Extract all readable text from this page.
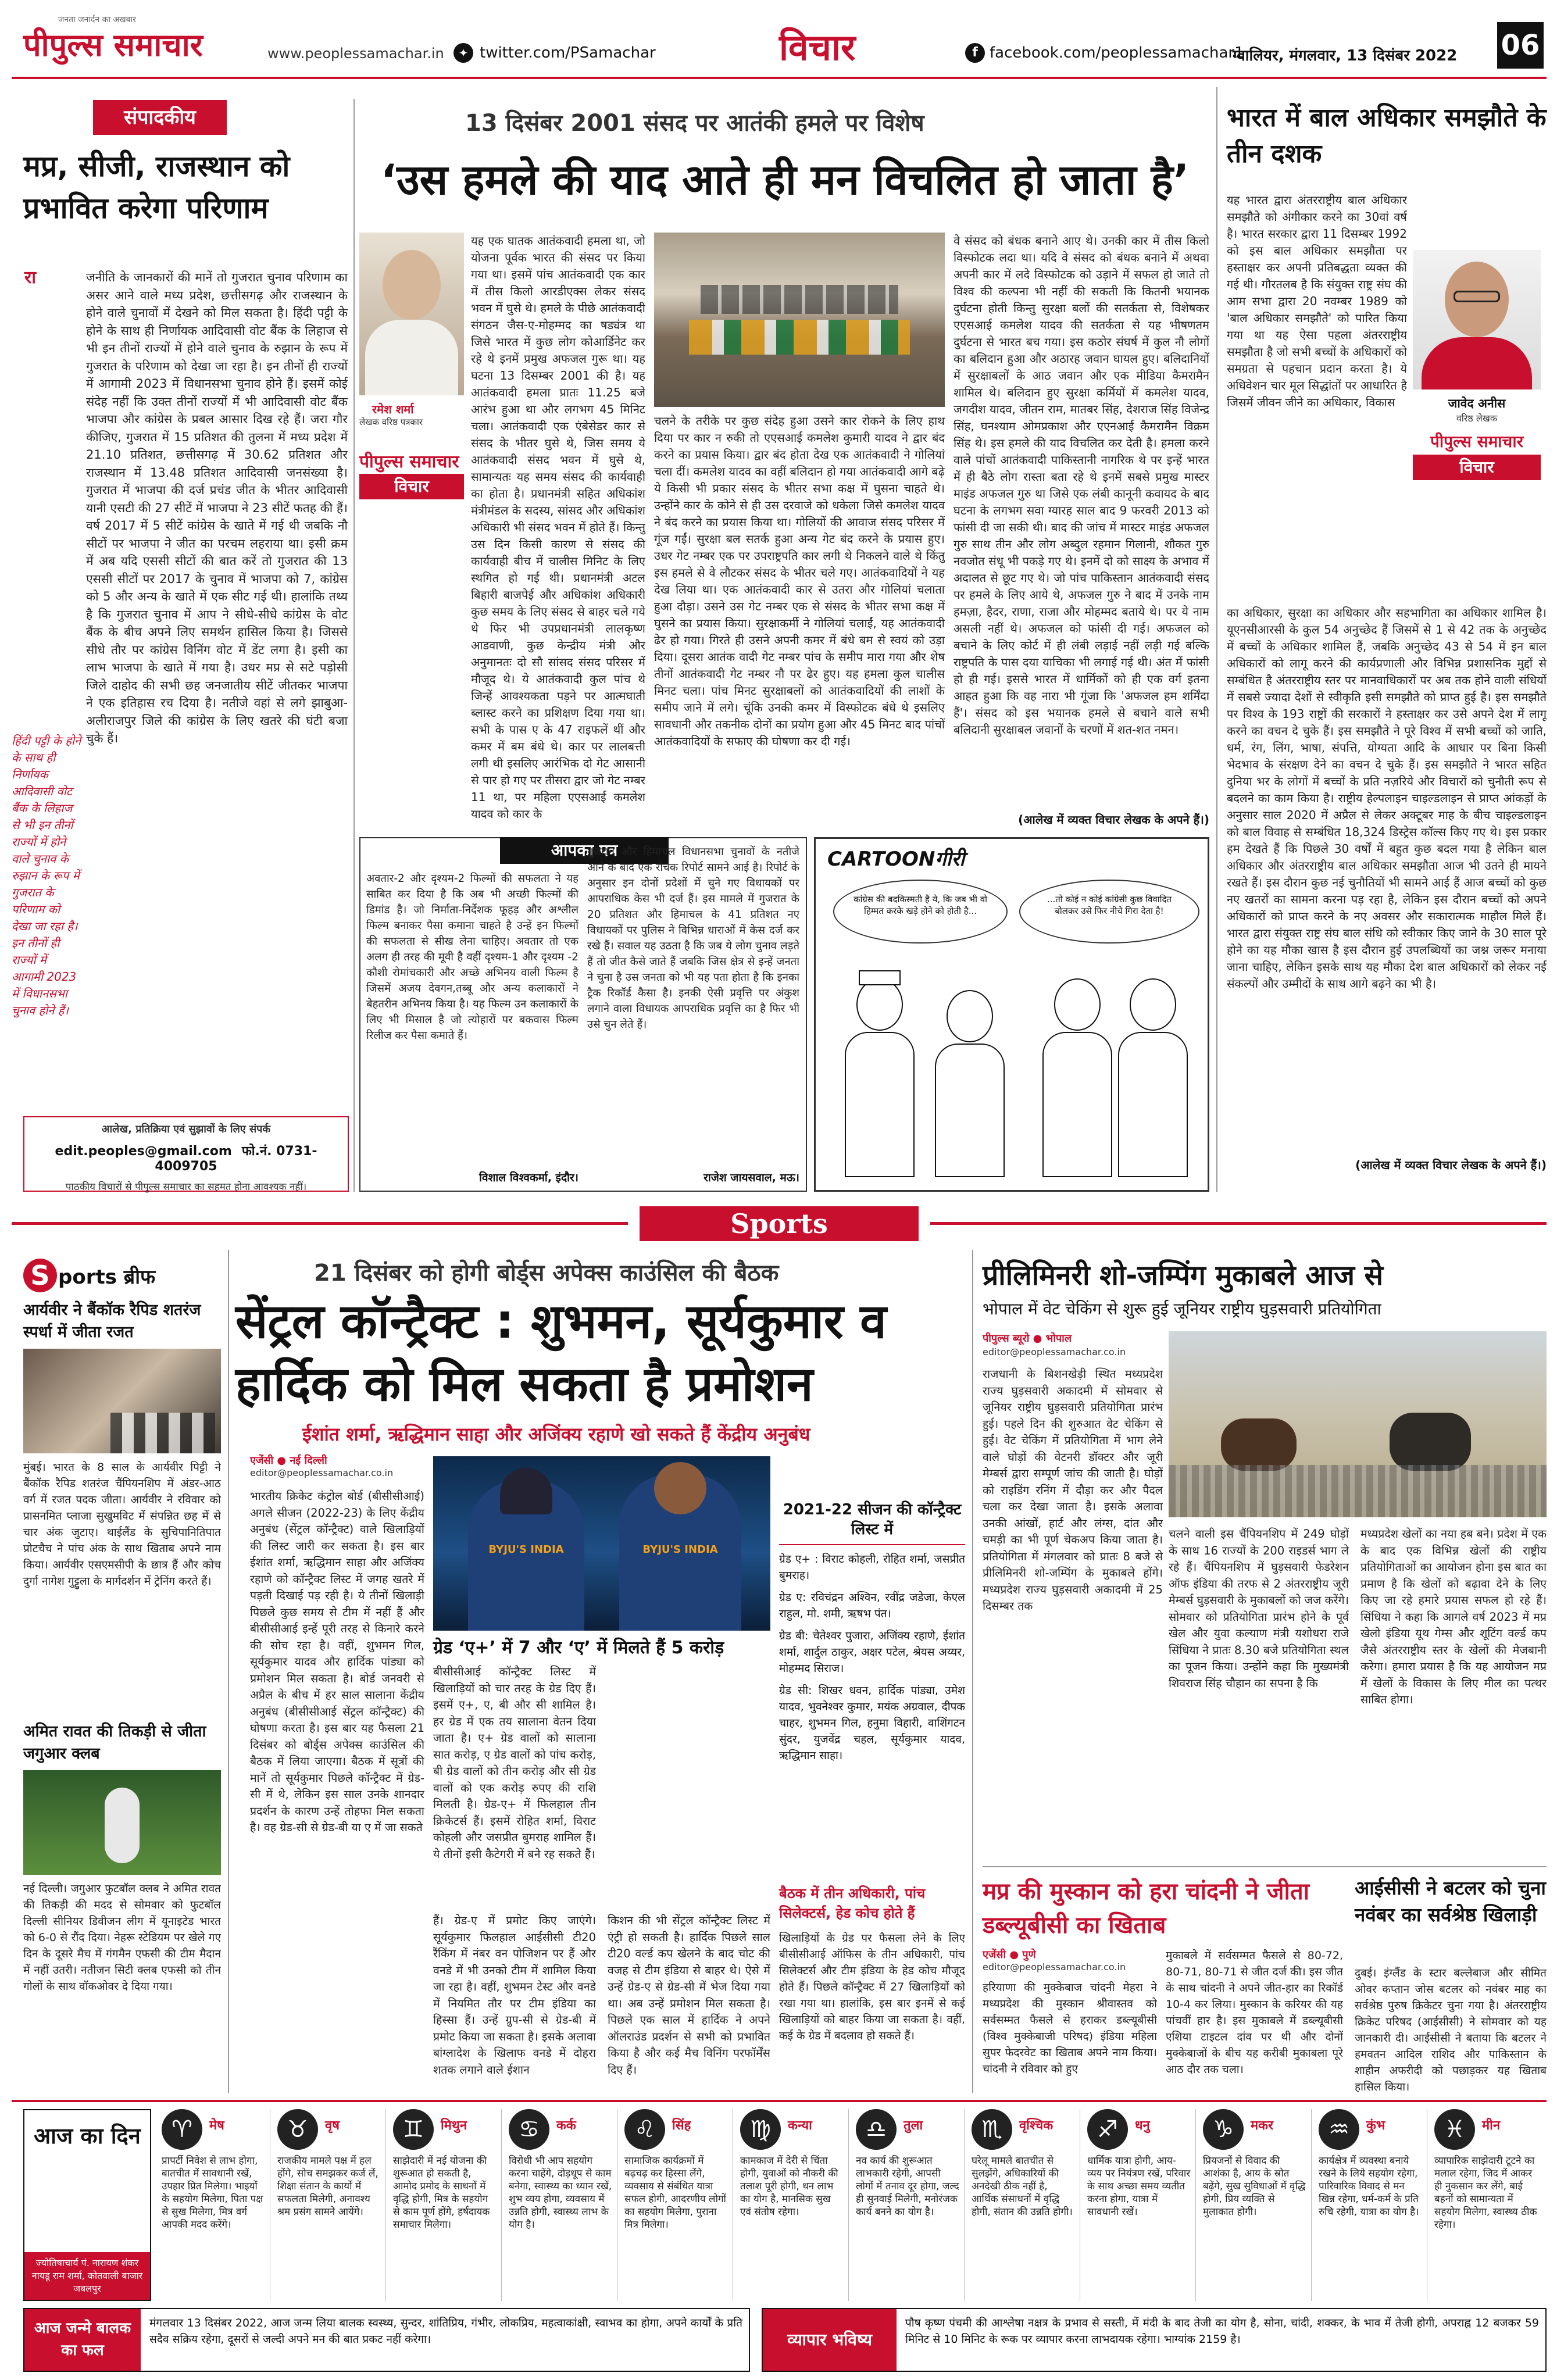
पीपुल्स समाचार
जनता जनार्दन का अखबार
www.peoplessamachar.in	✦ twitter.com/PSamachar	विचार	f facebook.com/peoplessamachar1
ग्वालियर, मंगलवार, 13 दिसंबर 2022 06
संपादकीय
मप्र, सीजी, राजस्थान को प्रभावित करेगा परिणाम
रा	जनीति के जानकारों की मानें तो गुजरात चुनाव परिणाम का असर आने वाले मध्य प्रदेश, छत्तीसगढ़ और राजस्थान के होने वाले चुनावों में देखने को मिल सकता है। हिंदी पट्टी के होने के साथ ही निर्णायक आदिवासी वोट बैंक के लिहाज से भी इन तीनों राज्यों में होने वाले चुनाव के रुझान के रूप में गुजरात के परिणाम को देखा जा रहा है। इन तीनों ही राज्यों में आगामी 2023 में विधानसभा चुनाव होने हैं। इसमें कोई संदेह नहीं कि उक्त तीनों राज्यों में भी आदिवासी वोट बैंक भाजपा और कांग्रेस के प्रबल आसार दिख रहे हैं। जरा गौर कीजिए, गुजरात में 15 प्रतिशत की तुलना में मध्य प्रदेश में 21.10 प्रतिशत, छत्तीसगढ़ में 30.62 प्रतिशत और राजस्थान में 13.48 प्रतिशत आदिवासी जनसंख्या है। गुजरात में भाजपा की दर्ज प्रचंड जीत के भीतर आदिवासी यानी एसटी की 27 सीटें में भाजपा ने 23 सीटें फतह की हैं। वर्ष 2017 में 5 सीटें कांग्रेस के खाते में गई थी जबकि नौ सीटों पर भाजपा ने जीत का परचम लहराया था। इसी क्रम में अब यदि एससी सीटों की बात करें तो गुजरात की 13 एससी सीटों पर 2017 के चुनाव में भाजपा को 7, कांग्रेस को 5 और अन्य के खाते में एक सीट गई थी। हालांकि तथ्य है कि गुजरात चुनाव में आप ने सीधे-सीधे कांग्रेस के वोट बैंक के बीच अपने लिए समर्थन हासिल किया है। जिससे सीधे तौर पर कांग्रेस विनिंग वोट में डेंट लगा है। इसी का लाभ भाजपा के खाते में गया है। उधर मप्र से सटे पड़ोसी जिले दाहोद की सभी छह जनजातीय सीटें जीतकर भाजपा ने एक इतिहास रच दिया है। नतीजे वहां से लगे झाबुआ-अलीराजपुर जिले की कांग्रेस के लिए खतरे की घंटी बजा चुके हैं।
हिंदी पट्टी के होने के साथ ही निर्णायक आदिवासी वोट बैंक के लिहाज से भी इन तीनों राज्यों में होने वाले चुनाव के रुझान के रूप में गुजरात के परिणाम को देखा जा रहा है। इन तीनों ही राज्यों में आगामी 2023 में विधानसभा चुनाव होने हैं।
आलेख, प्रतिक्रिया एवं सुझावों के लिए संपर्क
edit.peoples@gmail.com फो.नं. 0731-4009705
पाठकीय विचारों से पीपुल्स समाचार का सहमत होना आवश्यक नहीं।
13 दिसंबर 2001 संसद पर आतंकी हमले पर विशेष
‘उस हमले की याद आते ही मन विचलित हो जाता है’
रमेश शर्मा
लेखक वरिष्ठ पत्रकार
पीपुल्स समाचार
विचार
यह एक घातक आतंकवादी हमला था, जो योजना पूर्वक भारत की संसद पर किया गया था। इसमें पांच आतंकवादी एक कार में तीस किलो आरडीएक्स लेकर संसद भवन में घुसे थे। हमले के पीछे आतंकवादी संगठन जैस-ए-मोहम्मद का षड्यंत्र था जिसे भारत में कुछ लोग कोआर्डिनेट कर रहे थे इनमें प्रमुख अफजल गुरू था। यह घटना 13 दिसम्बर 2001 की है। यह आतंकवादी हमला प्रातः 11.25 बजे आरंभ हुआ था और लगभग 45 मिनिट चला। आतंकवादी एक एंबेसेडर कार से संसद के भीतर घुसे थे, जिस समय ये आतंकवादी संसद भवन में घुसे थे, सामान्यतः यह समय संसद की कार्यवाही का होता है। प्रधानमंत्री सहित अधिकांश मंत्रीमंडल के सदस्य, सांसद और अधिकांश अधिकारी भी संसद भवन में होते हैं। किन्तु उस दिन किसी कारण से संसद की कार्यवाही बीच में चालीस मिनिट के लिए स्थगित हो गई थी। प्रधानमंत्री अटल बिहारी बाजपेई और अधिकांश अधिकारी कुछ समय के लिए संसद से बाहर चले गये थे फिर भी उपप्रधानमंत्री लालकृष्ण आडवाणी, कुछ केन्द्रीय मंत्री और अनुमानतः दो सौ सांसद संसद परिसर में मौजूद थे। ये आतंकवादी कुल पांच थे जिन्हें आवश्यकता पड़ने पर आत्मघाती ब्लास्ट करने का प्रशिक्षण दिया गया था। सभी के पास ए के 47 राइफलें थीं और कमर में बम बंधे थे। कार पर लालबत्ती लगी थी इसलिए आरंभिक दो गेट आसानी से पार हो गए पर तीसरा द्वार जो गेट नम्बर 11 था, पर महिला एएसआई कमलेश यादव को कार के
चलने के तरीके पर कुछ संदेह हुआ उसने कार रोकने के लिए हाथ दिया पर कार न रुकी तो एएसआई कमलेश कुमारी यादव ने द्वार बंद करने का प्रयास किया। द्वार बंद होता देख एक आतंकवादी ने गोलियां चला दीं। कमलेश यादव का वहीं बलिदान हो गया आतंकवादी आगे बढ़े ये किसी भी प्रकार संसद के भीतर सभा कक्ष में घुसना चाहते थे। उन्होंने कार के कोने से ही उस दरवाजे को धकेला जिसे कमलेश यादव ने बंद करने का प्रयास किया था। गोलियों की आवाज संसद परिसर में गूंज गईं। सुरक्षा बल सतर्क हुआ अन्य गेट बंद करने के प्रयास हुए। उधर गेट नम्बर एक पर उपराष्ट्रपति कार लगी थे निकलने वाले थे किंतु इस हमले से वे लौटकर संसद के भीतर चले गए। आतंकवादियों ने यह देख लिया था। एक आतंकवादी कार से उतरा और गोलियां चलाता हुआ दौड़ा। उसने उस गेट नम्बर एक से संसद के भीतर सभा कक्ष में घुसने का प्रयास किया। सुरक्षाकर्मी ने गोलियां चलाईं, यह आतंकवादी ढेर हो गया। गिरते ही उसने अपनी कमर में बंधे बम से स्वयं को उड़ा दिया। दूसरा आतंक वादी गेट नम्बर पांच के समीप मारा गया और शेष तीनों आतंकवादी गेट नम्बर नौ पर ढेर हुए। यह हमला कुल चालीस मिनट चला। पांच मिनट सुरक्षाबलों को आतंकवादियों की लाशों के समीप जाने में लगे। चूंकि उनकी कमर में विस्फोटक बंधे थे इसलिए सावधानी और तकनीक दोनों का प्रयोग हुआ और 45 मिनट बाद पांचों आतंकवादियों के सफाए की घोषणा कर दी गई।
वे संसद को बंधक बनाने आए थे। उनकी कार में तीस किलो विस्फोटक लदा था। यदि वे संसद को बंधक बनाने में अथवा अपनी कार में लदे विस्फोटक को उड़ाने में सफल हो जाते तो विश्व की कल्पना भी नहीं की सकती कि कितनी भयानक दुर्घटना होती किन्तु सुरक्षा बलों की सतर्कता से, विशेषकर एएसआई कमलेश यादव की सतर्कता से यह भीषणतम दुर्घटना से भारत बच गया। इस कठोर संघर्ष में कुल नौ लोगों का बलिदान हुआ और अठारह जवान घायल हुए। बलिदानियों में सुरक्षाबलों के आठ जवान और एक मीडिया कैमरामैन शामिल थे। बलिदान हुए सुरक्षा कर्मियों में कमलेश यादव, जगदीश यादव, जीतन राम, मातबर सिंह, देशराज सिंह विजेन्द्र सिंह, घनश्याम ओमप्रकाश और एएनआई कैमरामैन विक्रम सिंह थे। इस हमले की याद विचलित कर देती है। हमला करने वाले पांचों आतंकवादी पाकिस्तानी नागरिक थे पर इन्हें भारत में ही बैठे लोग रास्ता बता रहे थे इनमें सबसे प्रमुख मास्टर माइंड अफजल गुरु था जिसे एक लंबी कानूनी कवायद के बाद घटना के लगभग सवा ग्यारह साल बाद 9 फरवरी 2013 को फांसी दी जा सकी थी। बाद की जांच में मास्टर माइंड अफजल गुरु साथ तीन और लोग अब्दुल रहमान गिलानी, शौकत गुरु नवजोत संधू भी पकड़े गए थे। इनमें दो को साक्ष्य के अभाव में अदालत से छूट गए थे। जो पांच पाकिस्तान आतंकवादी संसद पर हमले के लिए आये थे, अफजल गुरु ने बाद में उनके नाम हमज़ा, हैदर, राणा, राजा और मोहम्मद बताये थे। पर ये नाम असली नहीं थे। अफजल को फांसी दी गई। अफजल को बचाने के लिए कोर्ट में ही लंबी लड़ाई नहीं लड़ी गई बल्कि राष्ट्रपति के पास दया याचिका भी लगाई गई थी। अंत में फांसी हो ही गई। इससे भारत में धार्मिकों को ही एक वर्ग इतना आहत हुआ कि वह नारा भी गूंजा कि 'अफजल हम शर्मिंदा हैं'। संसद को इस भयानक हमले से बचाने वाले सभी बलिदानी सुरक्षाबल जवानों के चरणों में शत-शत नमन।
(आलेख में व्यक्त विचार लेखक के अपने हैं।)
आपका पत्र
अवतार-2 और दृश्यम-2 फिल्मों की सफलता ने यह साबित कर दिया है कि अब भी अच्छी फिल्मों की डिमांड है। जो निर्माता-निर्देशक फूहड़ और अश्लील फिल्म बनाकर पैसा कमाना चाहते है उन्हें इन फिल्मों की सफलता से सीख लेना चाहिए। अवतार तो एक अलग ही तरह की मूवी है वहीं दृश्यम-1 और दृश्यम -2 कौशी रोमांचकारी और अच्छे अभिनय वाली फिल्म है जिसमें अजय देवगन,तब्बू और अन्य कलाकारों ने बेहतरीन अभिनय किया है। यह फिल्म उन कलाकारों के लिए भी मिसाल है जो त्योहारों पर बकवास फिल्म रिलीज कर पैसा कमाते हैं।
विशाल विश्वकर्मा, इंदौर।
गुजरात और हिमाचल विधानसभा चुनावों के नतीजे आने के बाद एक रोचक रिपोर्ट सामने आई है। रिपोर्ट के अनुसार इन दोनों प्रदेशों में चुने गए विधायकों पर आपराधिक केस भी दर्ज हैं। इस मामले में गुजरात के 20 प्रतिशत और हिमाचल के 41 प्रतिशत नए विधायकों पर पुलिस ने विभिन्न धाराओं में केस दर्ज कर रखे हैं। सवाल यह उठता है कि जब ये लोग चुनाव लड़ते हैं तो जीत कैसे जाते हैं जबकि जिस क्षेत्र से इन्हें जनता ने चुना है उस जनता को भी यह पता होता है कि इनका ट्रैक रिकॉर्ड कैसा है। इनकी ऐसी प्रवृत्ति पर अंकुश लगाने वाला विधायक आपराधिक प्रवृत्ति का है फिर भी उसे चुन लेते हैं।
राजेश जायसवाल, मऊ।
CARTOONगीरी
कांग्रेस की बदकिस्मती है ये, कि जब भी वो हिम्मत करके खड़े होने को होती है...
...तो कोई न कोई कांग्रेसी कुछ विवादित बोलकर उसे फिर नीचे गिरा देता है!
भारत में बाल अधिकार समझौते के तीन दशक
यह भारत द्वारा अंतरराष्ट्रीय बाल अधिकार समझौते को अंगीकार करने का 30वां वर्ष है। भारत सरकार द्वारा 11 दिसम्बर 1992 को इस बाल अधिकार समझौता पर हस्ताक्षर कर अपनी प्रतिबद्धता व्यक्त की गई थी। गौरतलब है कि संयुक्त राष्ट्र संघ की आम सभा द्वारा 20 नवम्बर 1989 को 'बाल अधिकार समझौते' को पारित किया गया था यह ऐसा पहला अंतरराष्ट्रीय समझौता है जो सभी बच्चों के अधिकारों को समग्रता से पहचान प्रदान करता है। ये अधिवेशन चार मूल सिद्धांतों पर आधारित है जिसमें जीवन जीने का अधिकार, विकास	जावेद अनीस
वरिष्ठ लेखक
पीपुल्स समाचार
विचार
का अधिकार, सुरक्षा का अधिकार और सहभागिता का अधिकार शामिल है। यूएनसीआरसी के कुल 54 अनुच्छेद हैं जिसमें से 1 से 42 तक के अनुच्छेद में बच्चों के अधिकार शामिल हैं, जबकि अनुच्छेद 43 से 54 में इन बाल अधिकारों को लागू करने की कार्यप्रणाली और विभिन्न प्रशासनिक मुद्दों से सम्बंधित है अंतरराष्ट्रीय स्तर पर मानवाधिकारों पर अब तक होने वाली संधियों में सबसे ज्यादा देशों से स्वीकृति इसी समझौते को प्राप्त हुई है। इस समझौते पर विश्व के 193 राष्ट्रों की सरकारों ने हस्ताक्षर कर उसे अपने देश में लागू करने का वचन दे चुके हैं। इस समझौते ने पूरे विश्व में सभी बच्चों को जाति, धर्म, रंग, लिंग, भाषा, संपत्ति, योग्यता आदि के आधार पर बिना किसी भेदभाव के संरक्षण देने का वचन दे चुके हैं। इस समझौते ने भारत सहित दुनिया भर के लोगों में बच्चों के प्रति नज़रिये और विचारों को चुनौती रूप से बदलने का काम किया है। राष्ट्रीय हेल्पलाइन चाइल्डलाइन से प्राप्त आंकड़ों के अनुसार साल 2020 में अप्रैल से लेकर अक्टूबर माह के बीच चाइल्डलाइन को बाल विवाह से सम्बंधित 18,324 डिस्ट्रेस कॉल्स किए गए थे। इस प्रकार हम देखते हैं कि पिछले 30 वर्षों में बहुत कुछ बदल गया है लेकिन बाल अधिकार और अंतरराष्ट्रीय बाल अधिकार समझौता आज भी उतने ही मायने रखते हैं। इस दौरान कुछ नई चुनौतियों भी सामने आई हैं आज बच्चों को कुछ नए खतरों का सामना करना पड़ रहा है, लेकिन इस दौरान बच्चों को अपने अधिकारों को प्राप्त करने के नए अवसर और सकारात्मक माहौल मिले हैं। भारत द्वारा संयुक्त राष्ट्र संघ बाल संधि को स्वीकार किए जाने के 30 साल पूरे होने का यह मौका खास है इस दौरान हुई उपलब्धियों का जश्न जरूर मनाया जाना चाहिए, लेकिन इसके साथ यह मौका देश बाल अधिकारों को लेकर नई संकल्पों और उम्मीदों के साथ आगे बढ़ने का भी है।
(आलेख में व्यक्त विचार लेखक के अपने हैं।)
Sports
S ports ब्रीफ
आर्यवीर ने बैंकॉक रैपिड शतरंज स्पर्धा में जीता रजत
मुंबई। भारत के 8 साल के आर्यवीर पिट्टी ने बैंकॉक रैपिड शतरंज चैंपियनशिप में अंडर-आठ वर्ग में रजत पदक जीता। आर्यवीर ने रविवार को प्रासनमित प्लाजा सुखुमविट में संपन्नित छह में से चार अंक जुटाए। थाईलैंड के सुचिपानितिपात प्रोटचैच ने पांच अंक के साथ खिताब अपने नाम किया। आर्यवीर एसएमसीपी के छात्र हैं और कोच दुर्गा नागेश गुट्टुला के मार्गदर्शन में ट्रेनिंग करते हैं।
अमित रावत की तिकड़ी से जीता जगुआर क्लब
नई दिल्ली। जगुआर फुटबॉल क्लब ने अमित रावत की तिकड़ी की मदद से सोमवार को फुटबॉल दिल्ली सीनियर डिवीजन लीग में यूनाइटेड भारत को 6-0 से रौंद दिया। नेहरू स्टेडियम पर खेले गए दिन के दूसरे मैच में गंगमैन एफसी की टीम मैदान में नहीं उतरी। नतीजन सिटी क्लब एफसी को तीन गोलों के साथ वॉकओवर दे दिया गया।
21 दिसंबर को होगी बोर्ड्स अपेक्स काउंसिल की बैठक
सेंट्रल कॉन्ट्रैक्ट : शुभमन, सूर्यकुमार व हार्दिक को मिल सकता है प्रमोशन
ईशांत शर्मा, ऋद्धिमान साहा और अजिंक्य रहाणे खो सकते हैं केंद्रीय अनुबंध
एजेंसी ● नई दिल्ली
editor@peoplessamachar.co.in
भारतीय क्रिकेट कंट्रोल बोर्ड (बीसीसीआई) अगले सीजन (2022-23) के लिए केंद्रीय अनुबंध (सेंट्रल कॉन्ट्रैक्ट) वाले खिलाड़ियों की लिस्ट जारी कर सकता है। इस बार ईशांत शर्मा, ऋद्धिमान साहा और अजिंक्य रहाणे को कॉन्ट्रैक्ट लिस्ट में जगह खतरे में पड़ती दिखाई पड़ रही है। ये तीनों खिलाड़ी पिछले कुछ समय से टीम में नहीं हैं और बीसीसीआई इन्हें पूरी तरह से किनारे करने की सोच रहा है। वहीं, शुभमन गिल, सूर्यकुमार यादव और हार्दिक पांड्या को प्रमोशन मिल सकता है। बोर्ड जनवरी से अप्रैल के बीच में हर साल सालाना केंद्रीय अनुबंध (बीसीसीआई सेंट्रल कॉन्ट्रैक्ट) की घोषणा करता है। इस बार यह फैसला 21 दिसंबर को बोर्ड्स अपेक्स काउंसिल की बैठक में लिया जाएगा। बैठक में सूत्रों की मानें तो सूर्यकुमार पिछले कॉन्ट्रैक्ट में ग्रेड-सी में थे, लेकिन इस साल उनके शानदार प्रदर्शन के कारण उन्हें तोहफा मिल सकता है। वह ग्रेड-सी से ग्रेड-बी या ए में जा सकते
BYJU'S INDIA	BYJU'S INDIA
ग्रेड ‘ए+’ में 7 और ‘ए’ में मिलते हैं 5 करोड़
बीसीसीआई कॉन्ट्रैक्ट लिस्ट में खिलाड़ियों को चार तरह के ग्रेड दिए हैं। इसमें ए+, ए, बी और सी शामिल है। हर ग्रेड में एक तय सालाना वेतन दिया जाता है। ए+ ग्रेड वालों को सालाना सात करोड़, ए ग्रेड वालों को पांच करोड़, बी ग्रेड वालों को तीन करोड़ और सी ग्रेड वालों को एक करोड़ रुपए की राशि मिलती है। ग्रेड-ए+ में फिलहाल तीन क्रिकेटर्स हैं। इसमें रोहित शर्मा, विराट कोहली और जसप्रीत बुमराह शामिल हैं। ये तीनों इसी कैटेगरी में बने रह सकते हैं।
हैं। ग्रेड-ए में प्रमोट किए जाएंगे। सूर्यकुमार फिलहाल आईसीसी टी20 रैंकिंग में नंबर वन पोजिशन पर हैं और वनडे में भी उनको टीम में शामिल किया जा रहा है। वहीं, शुभमन टेस्ट और वनडे में नियमित तौर पर टीम इंडिया का हिस्सा हैं। उन्हें ग्रुप-सी से ग्रेड-बी में प्रमोट किया जा सकता है। इसके अलावा बांग्लादेश के खिलाफ वनडे में दोहरा शतक लगाने वाले ईशान
किशन की भी सेंट्रल कॉन्ट्रैक्ट लिस्ट में एंट्री हो सकती है। हार्दिक पिछले साल टी20 वर्ल्ड कप खेलने के बाद चोट की वजह से टीम इंडिया से बाहर थे। ऐसे में उन्हें ग्रेड-ए से ग्रेड-सी में भेज दिया गया था। अब उन्हें प्रमोशन मिल सकता है। पिछले एक साल में हार्दिक ने अपने ऑलराउंड प्रदर्शन से सभी को प्रभावित किया है और कई मैच विनिंग परफॉर्मेंस दिए हैं।
2021-22 सीजन की कॉन्ट्रैक्ट लिस्ट में
ग्रेड ए+ : विराट कोहली, रोहित शर्मा, जसप्रीत बुमराह।
ग्रेड ए: रविचंद्रन अश्विन, रवींद्र जडेजा, केएल राहुल, मो. शमी, ऋषभ पंत।
ग्रेड बी: चेतेश्वर पुजारा, अजिंक्य रहाणे, ईशांत शर्मा, शार्दुल ठाकुर, अक्षर पटेल, श्रेयस अय्यर, मोहम्मद सिराज।
ग्रेड सी: शिखर धवन, हार्दिक पांड्या, उमेश यादव, भुवनेश्वर कुमार, मयंक अग्रवाल, दीपक चाहर, शुभमन गिल, हनुमा विहारी, वाशिंगटन सुंदर, युजवेंद्र चहल, सूर्यकुमार यादव, ऋद्धिमान साहा।
बैठक में तीन अधिकारी, पांच सिलेक्टर्स, हेड कोच होते हैं
खिलाड़ियों के ग्रेड पर फैसला लेने के लिए बीसीसीआई ऑफिस के तीन अधिकारी, पांच सिलेक्टर्स और टीम इंडिया के हेड कोच मौजूद होते हैं। पिछले कॉन्ट्रैक्ट में 27 खिलाड़ियों को रखा गया था। हालांकि, इस बार इनमें से कई खिलाड़ियों को बाहर किया जा सकता है। वहीं, कई के ग्रेड में बदलाव हो सकते हैं।
प्रीलिमिनरी शो-जम्पिंग मुकाबले आज से
भोपाल में वेट चेकिंग से शुरू हुई जूनियर राष्ट्रीय घुड़सवारी प्रतियोगिता
पीपुल्स ब्यूरो ● भोपाल
editor@peoplessamachar.co.in
राजधानी के बिशनखेड़ी स्थित मध्यप्रदेश राज्य घुड़सवारी अकादमी में सोमवार से जूनियर राष्ट्रीय घुड़सवारी प्रतियोगिता प्रारंभ हुई। पहले दिन की शुरुआत वेट चेकिंग से हुई। वेट चेकिंग में प्रतियोगिता में भाग लेने वाले घोड़ों की वेटनरी डॉक्टर और जूरी मेम्बर्स द्वारा सम्पूर्ण जांच की जाती है। घोड़ों को राइडिंग रनिंग में दौड़ा कर और पैदल चला कर देखा जाता है। इसके अलावा उनकी आंखों, हार्ट और लंग्स, दांत और चमड़ी का भी पूर्ण चेकअप किया जाता है। प्रतियोगिता में मंगलवार को प्रातः 8 बजे से प्रीलिमिनरी शो-जम्पिंग के मुकाबले होंगे। मध्यप्रदेश राज्य घुड़सवारी अकादमी में 25 दिसम्बर तक
चलने वाली इस चैंपियनशिप में 249 घोड़ों के साथ 16 राज्यों के 200 राइडर्स भाग ले रहे हैं। चैंपियनशिप में घुड़सवारी फेडरेशन ऑफ इंडिया की तरफ से 2 अंतरराष्ट्रीय जूरी मेम्बर्स घुड़सवारी के मुकाबलों को जज करेंगे। सोमवार को प्रतियोगिता प्रारंभ होने के पूर्व खेल और युवा कल्याण मंत्री यशोधरा राजे सिंधिया ने प्रातः 8.30 बजे प्रतियोगिता स्थल का पूजन किया। उन्होंने कहा कि मुख्यमंत्री शिवराज सिंह चौहान का सपना है कि
मध्यप्रदेश खेलों का नया हब बने। प्रदेश में एक के बाद एक विभिन्न खेलों की राष्ट्रीय प्रतियोगिताओं का आयोजन होना इस बात का प्रमाण है कि खेलों को बढ़ावा देने के लिए किए जा रहे हमारे प्रयास सफल हो रहे हैं। सिंधिया ने कहा कि आगले वर्ष 2023 में मप्र खेलो इंडिया यूथ गेम्स और शूटिंग वर्ल्ड कप जैसे अंतरराष्ट्रीय स्तर के खेलों की मेजबानी करेगा। हमारा प्रयास है कि यह आयोजन मप्र में खेलों के विकास के लिए मील का पत्थर साबित होगा।
मप्र की मुस्कान को हरा चांदनी ने जीता डब्ल्यूबीसी का खिताब
एजेंसी ● पुणे
editor@peoplessamachar.co.in
हरियाणा की मुक्केबाज चांदनी मेहरा ने मध्यप्रदेश की मुस्कान श्रीवास्तव को सर्वसम्मत फैसले से हराकर डब्ल्यूबीसी (विश्व मुक्केबाजी परिषद) इंडिया महिला सुपर फेदरवेट का खिताब अपने नाम किया। चांदनी ने रविवार को हुए
मुकाबले में सर्वसम्मत फैसले से 80-72, 80-71, 80-71 से जीत दर्ज की। इस जीत के साथ चांदनी ने अपने जीत-हार का रिकॉर्ड 10-4 कर लिया। मुस्कान के करियर की यह पांचवीं हार है। इस मुकाबले में डब्ल्यूबीसी एशिया टाइटल दांव पर थी और दोनों मुक्केबाजों के बीच यह करीबी मुकाबला पूरे आठ दौर तक चला।
आईसीसी ने बटलर को चुना नवंबर का सर्वश्रेष्ठ खिलाड़ी
दुबई। इंग्लैंड के स्टार बल्लेबाज और सीमित ओवर कप्तान जोस बटलर को नवंबर माह का सर्वश्रेष्ठ पुरुष क्रिकेटर चुना गया है। अंतरराष्ट्रीय क्रिकेट परिषद (आईसीसी) ने सोमवार को यह जानकारी दी। आईसीसी ने बताया कि बटलर ने हमवतन आदिल राशिद और पाकिस्तान के शाहीन अफरीदी को पछाड़कर यह खिताब हासिल किया।
आज का दिन
ज्योतिषाचार्य पं. नारायण शंकर नायडू राम शर्मा, कोतवाली बाजार जबलपुर
♈	मेष
प्रापर्टी निवेश से लाभ होगा, बातचीत में सावधानी रखें, उपहार प्रित मिलेगा। भाइयों के सहयोग मिलेगा, पिता पक्ष से सुख मिलेगा, मित्र वर्ग आपकी मदद करेंगे।
♉	वृष
राजकीय मामले पक्ष में हल होंगे, सोच समझकर कर्ज लें, शिक्षा संतान के कार्यों में सफलता मिलेगी, अनावश्य श्रम प्रसंग सामने आयेंगे।
♊	मिथुन
साझेदारी में नई योजना की शुरूआत हो सकती है, आमोद प्रमोद के साधनों में वृद्धि होगी, मित्र के सहयोग से काम पूर्ण होंगे, हर्षदायक समाचार मिलेगा।
♋	कर्क
विरोधी भी आप सहयोग करना चाहेंगे, दोड़धूप से काम बनेगा, स्वास्थ्य का ध्यान रखें, शुभ व्यय होगा, व्यवसाय में उन्नति होगी, स्वास्थ्य लाभ के योग है।
♌	सिंह
सामाजिक कार्यक्रमों में बढ़चढ़ कर हिस्सा लेंगे, व्यवसाय से संबंधित यात्रा सफल होगी, आदरणीय लोगों का सहयोग मिलेगा, पुराना मित्र मिलेगा।
♍	कन्या
कामकाज में देरी से चिंता होगी, युवाओं को नौकरी की तलाश पूरी होगी, धन लाभ का योग है, मानसिक सुख एवं संतोष रहेगा।
♎	तुला
नव कार्य की शुरूआत लाभकारी रहेगी, आपसी लोगों में तनाव दूर होगा, जल्द ही सुनवाई मिलेगी, मनोरंजक कार्य बनने का योग है।
♏	वृश्चिक
घरेलू मामले बातचीत से सुलझेंगे, अधिकारियों की अनदेखी ठीक नहीं है, आर्थिक संसाधनों में वृद्धि होगी, संतान की उन्नति होगी।
♐	धनु
धार्मिक यात्रा होगी, आय-व्यय पर नियंत्रण रखें, परिवार के साथ अच्छा समय व्यतीत करना होगा, यात्रा में सावधानी रखें।
♑	मकर
प्रियजनों से विवाद की आशंका है, आय के स्रोत बढ़ेंगे, सुख सुविधाओं में वृद्धि होगी, प्रिय व्यक्ति से मुलाकात होगी।
♒	कुंभ
कार्यक्षेत्र में व्यवस्था बनाये रखने के लिये सहयोग रहेगा, पारिवारिक विवाद से मन खिन्न रहेगा, धर्म-कर्म के प्रति रुचि रहेगी, यात्रा का योग है।
♓	मीन
व्यापारिक साझेदारी टूटने का मलाल रहेगा, जिद में आकर ही नुकसान कर लेंगे, बाई बहनों को सामान्यता में सहयोग मिलेगा, स्वास्थ्य ठीक रहेगा।
आज जन्मे बालक का फल
मंगलवार 13 दिसंबर 2022, आज जन्म लिया बालक स्वस्थ्य, सुन्दर, शांतिप्रिय, गंभीर, लोकप्रिय, महत्वाकांक्षी, स्वाभव का होगा, अपने कार्यों के प्रति सदैव सक्रिय रहेगा, दूसरों से जल्दी अपने मन की बात प्रकट नहीं करेगा।	व्यापार भविष्य
पौष कृष्ण पंचमी की आश्लेषा नक्षत्र के प्रभाव से सस्ती, में मंदी के बाद तेजी का योग है, सोना, चांदी, शक्कर, के भाव में तेजी होगी, अपराह्न 12 बजकर 59 मिनिट से 10 मिनिट के रूक पर व्यापार करना लाभदायक रहेगा। भाग्यांक 2159 है।
